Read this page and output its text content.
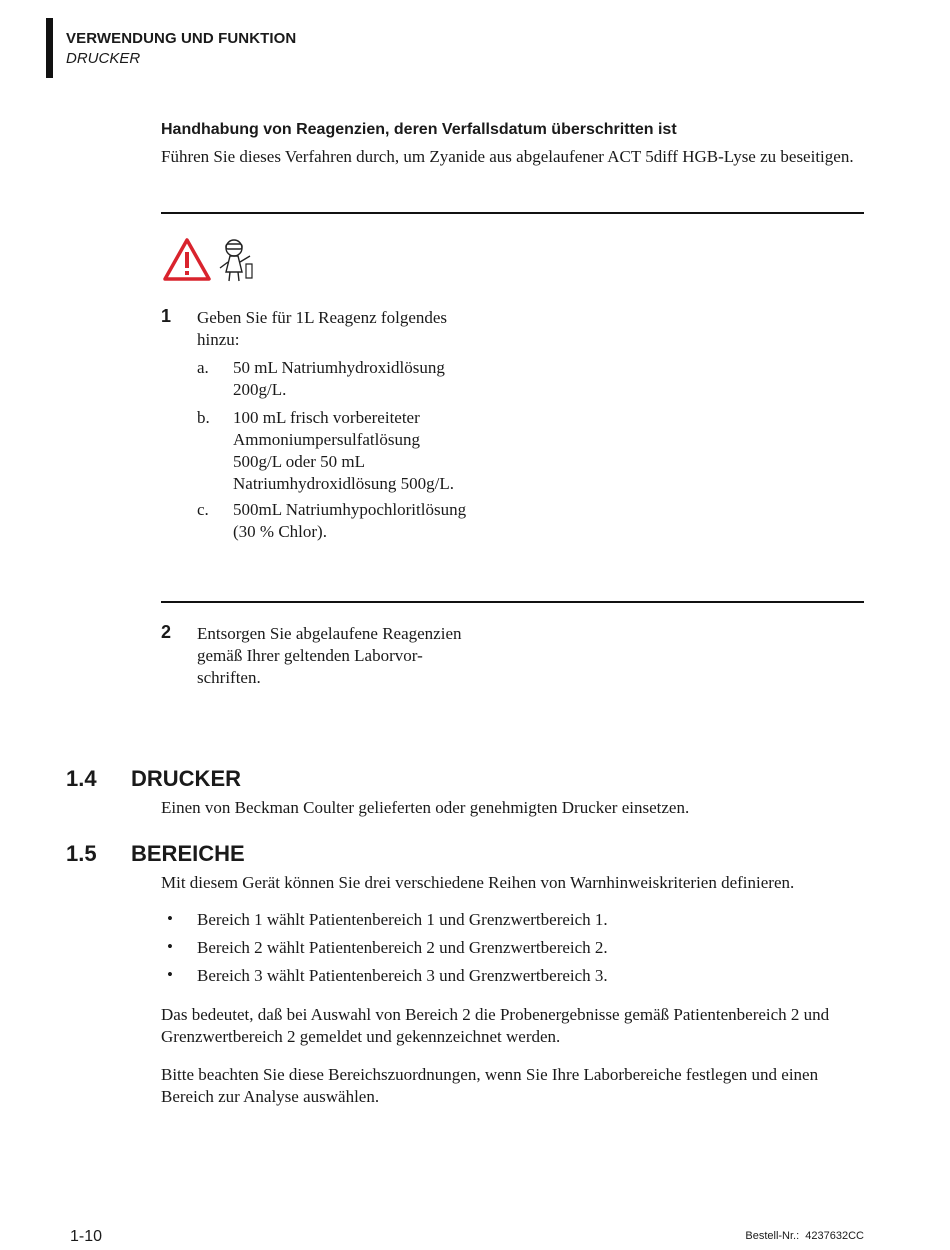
VERWENDUNG UND FUNKTION
DRUCKER
Handhabung von Reagenzien, deren Verfallsdatum überschritten ist
Führen Sie dieses Verfahren durch, um Zyanide aus abgelaufener ACT 5diff HGB-Lyse zu beseitigen.
1 Geben Sie für 1L Reagenz folgendes
hinzu:
a. 50 mL Natriumhydroxidlösung
200g/L.
b. 100 mL frisch vorbereiteter
Ammoniumpersulfatlösung
500g/L oder 50 mL
Natriumhydroxidlösung 500g/L.
c. 500mL Natriumhypochloritlösung
(30 % Chlor).
2 Entsorgen Sie abgelaufene Reagenzien
gemäß Ihrer geltenden Laborvor-
schriften.
1.4 DRUCKER
Einen von Beckman Coulter gelieferten oder genehmigten Drucker einsetzen.
1.5 BEREICHE
Mit diesem Gerät können Sie drei verschiedene Reihen von Warnhinweiskriterien definieren.
• Bereich 1 wählt Patientenbereich 1 und Grenzwertbereich 1.
• Bereich 2 wählt Patientenbereich 2 und Grenzwertbereich 2.
• Bereich 3 wählt Patientenbereich 3 und Grenzwertbereich 3.
Das bedeutet, daß bei Auswahl von Bereich 2 die Probenergebnisse gemäß Patientenbereich 2 und Grenzwertbereich 2 gemeldet und gekennzeichnet werden.
Bitte beachten Sie diese Bereichszuordnungen, wenn Sie Ihre Laborbereiche festlegen und einen Bereich zur Analyse auswählen.
1-10	Bestell-Nr.:  4237632CC
